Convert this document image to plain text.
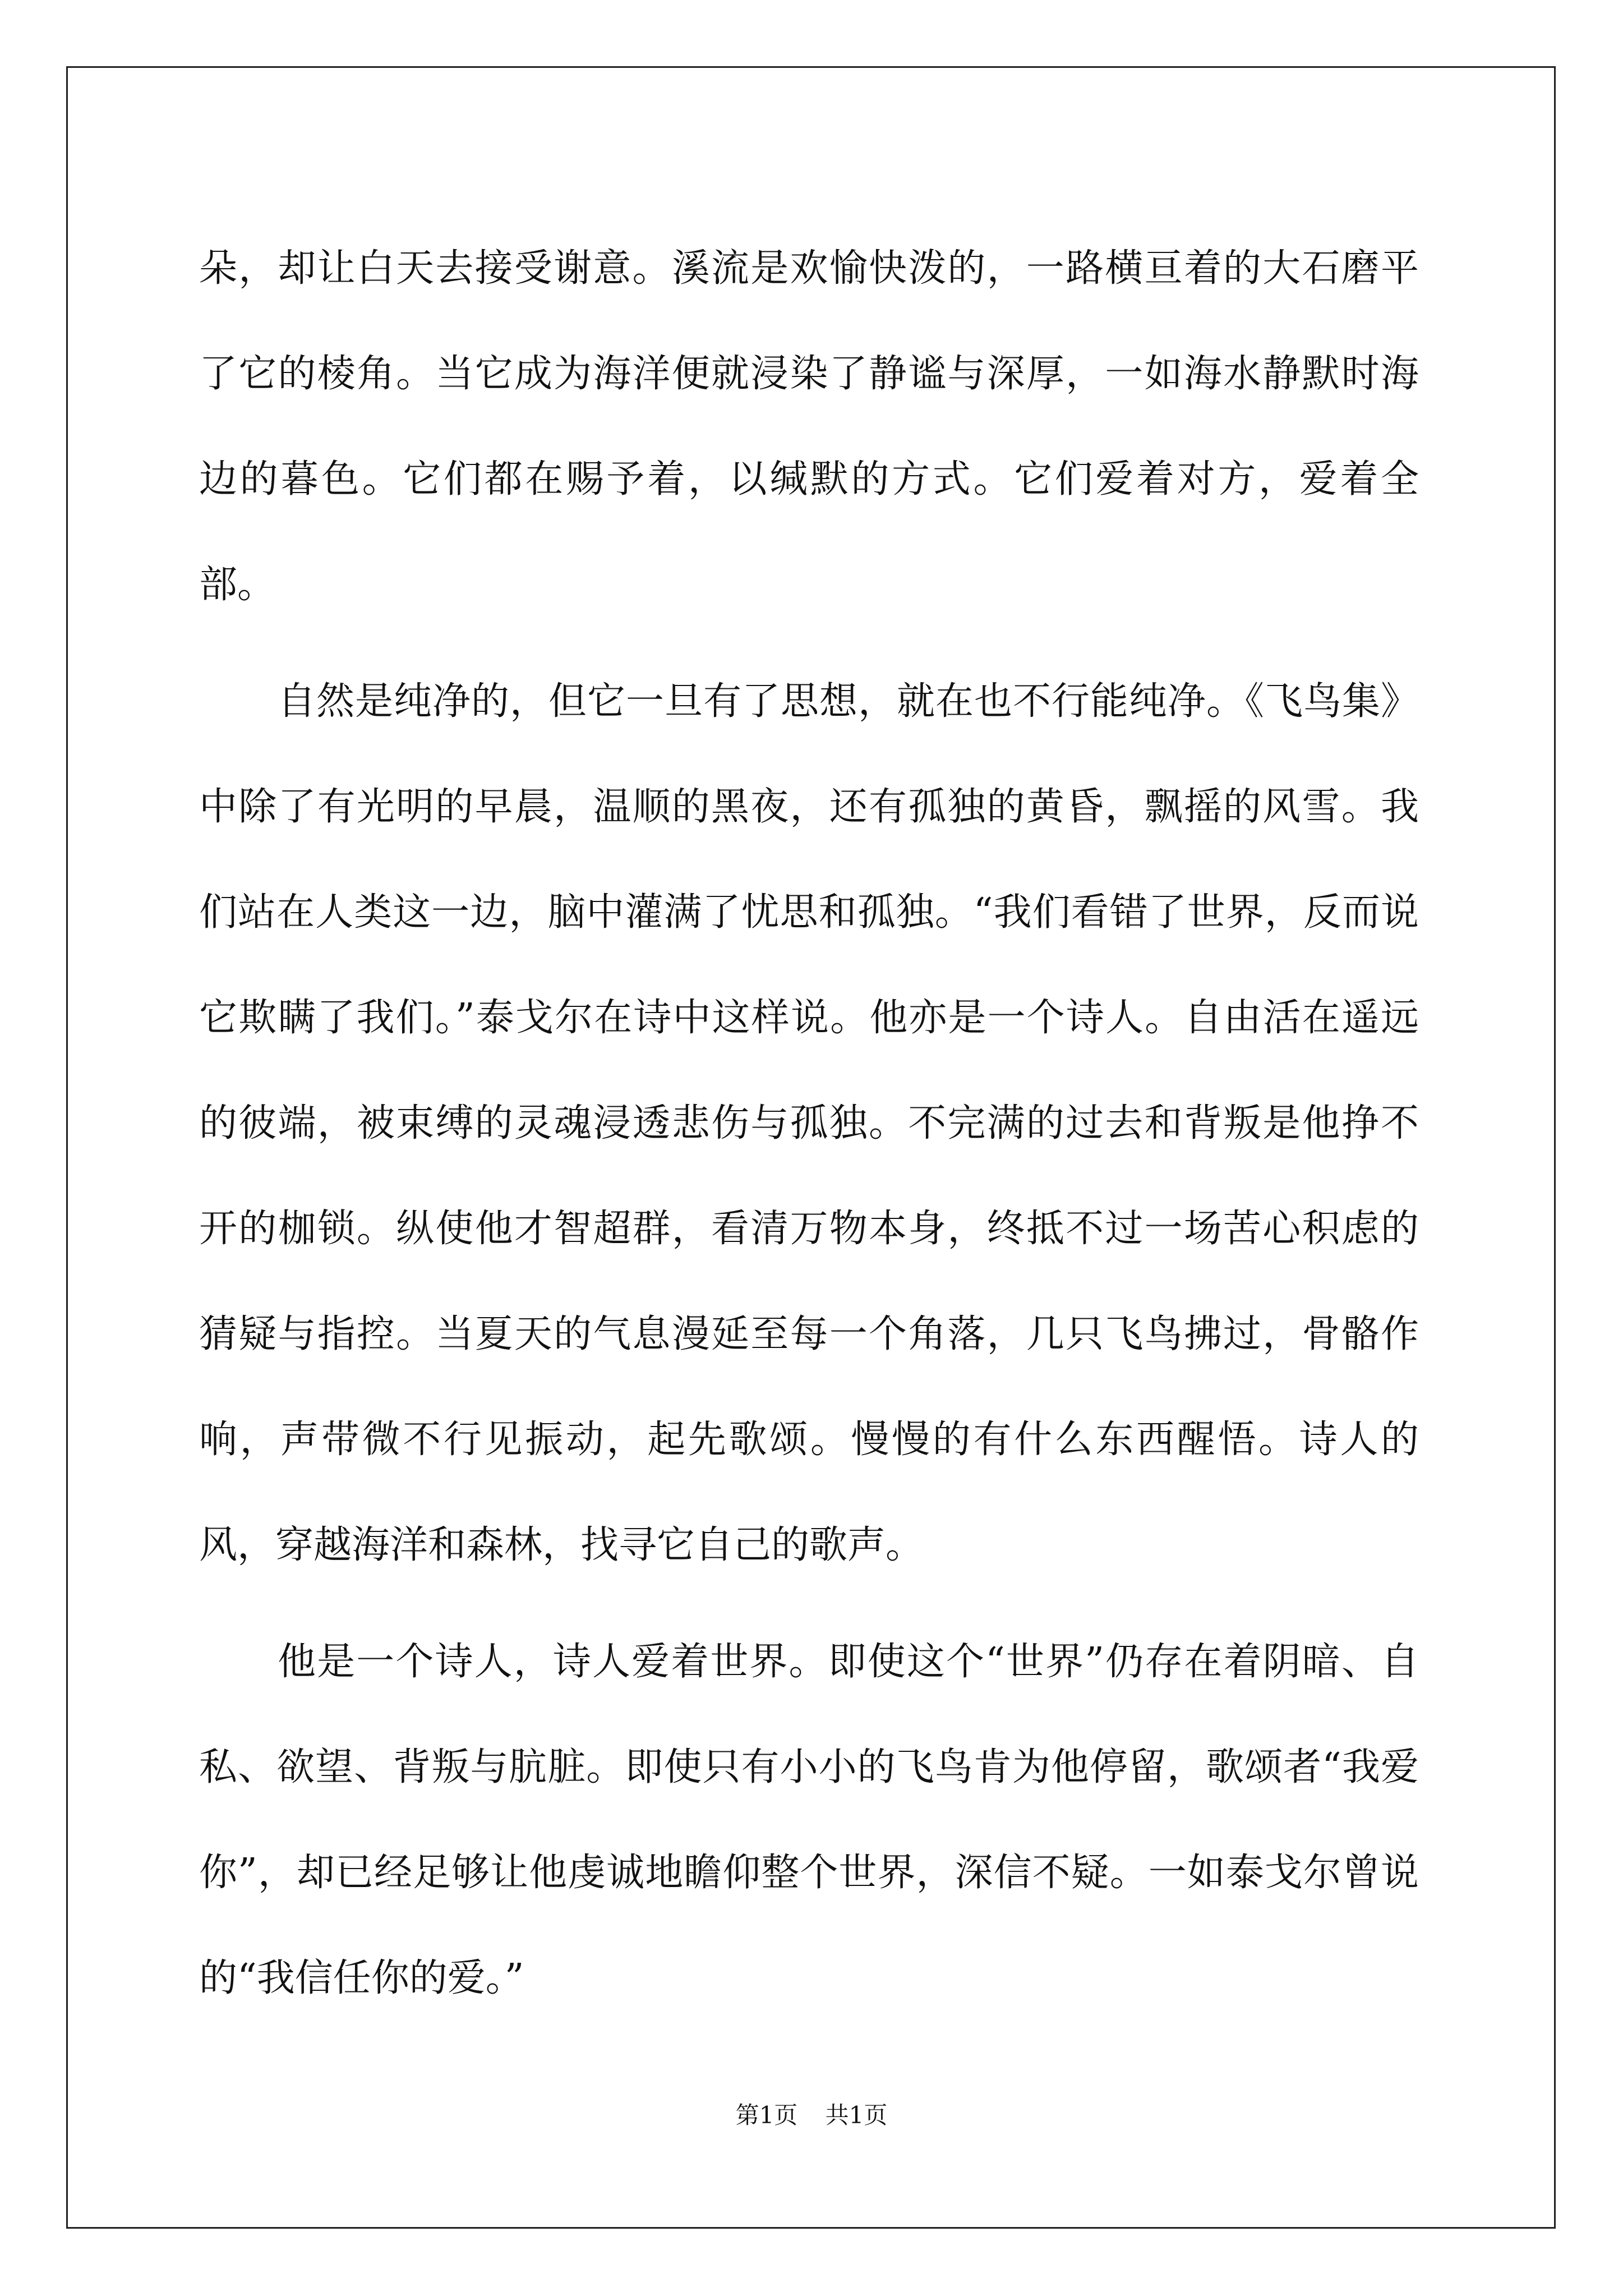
朵，却让白天去接受谢意。溪流是欢愉快泼的，一路横亘着的大石磨平了它的棱角。当它成为海洋便就浸染了静谧与深厚，一如海水静默时海边的暮色。它们都在赐予着，以缄默的方式。它们爱着对方，爱着全部。

自然是纯净的，但它一旦有了思想，就在也不行能纯净。《飞鸟集》中除了有光明的早晨，温顺的黑夜，还有孤独的黄昏，飘摇的风雪。我们站在人类这一边，脑中灌满了忧思和孤独。“我们看错了世界，反而说它欺瞒了我们。”泰戈尔在诗中这样说。他亦是一个诗人。自由活在遥远的彼端，被束缚的灵魂浸透悲伤与孤独。不完满的过去和背叛是他挣不开的枷锁。纵使他才智超群，看清万物本身，终抵不过一场苦心积虑的猜疑与指控。当夏天的气息漫延至每一个角落，几只飞鸟拂过，骨骼作响，声带微不行见振动，起先歌颂。慢慢的有什么东西醒悟。诗人的风，穿越海洋和森林，找寻它自己的歌声。

他是一个诗人，诗人爱着世界。即使这个“世界”仍存在着阴暗、自私、欲望、背叛与肮脏。即使只有小小的飞鸟肯为他停留，歌颂者“我爱你”，却已经足够让他虔诚地瞻仰整个世界，深信不疑。一如泰戈尔曾说的“我信任你的爱。”

第1页 共1页
